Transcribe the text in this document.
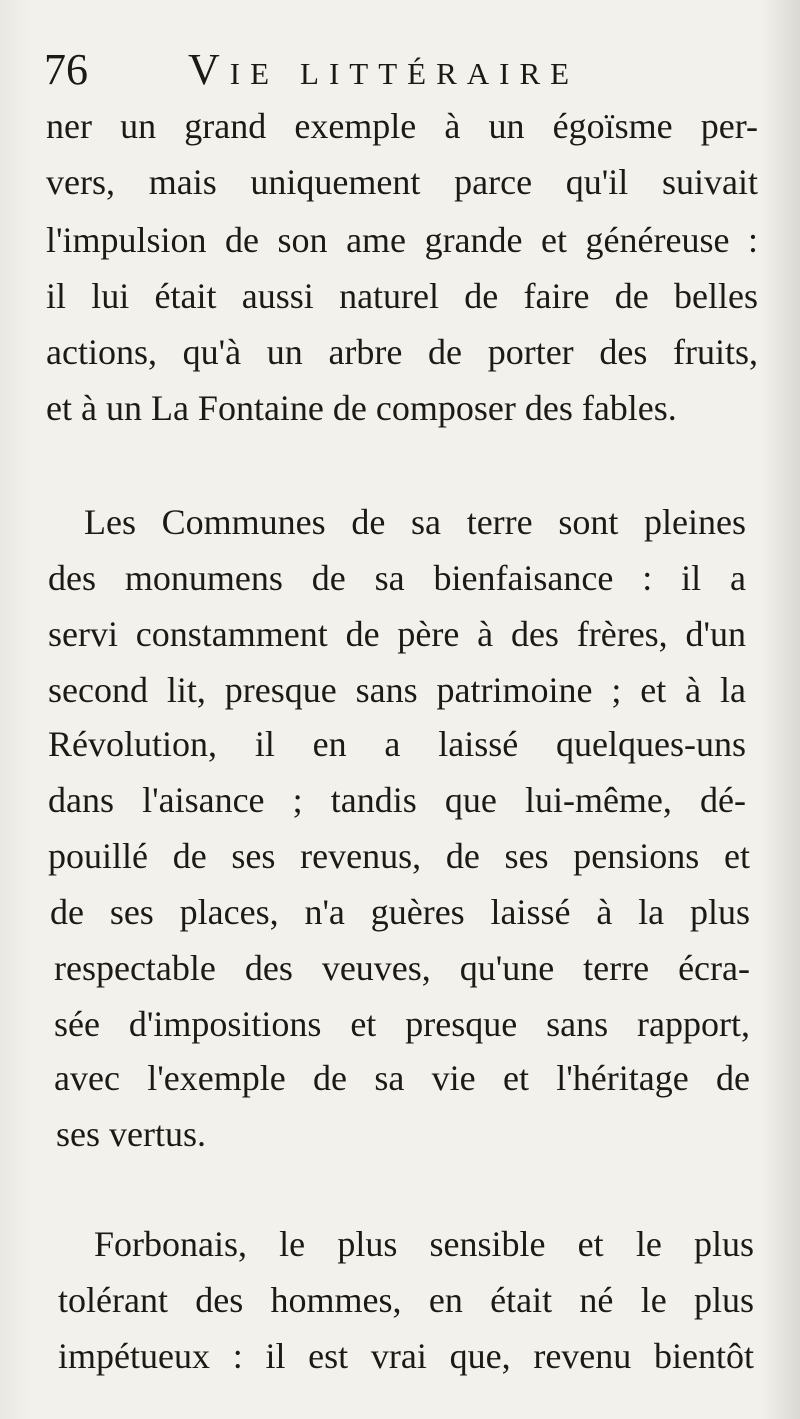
76 Vie littéraire
ner un grand exemple à un égoïsme per-
vers, mais uniquement parce qu'il suivait
l'impulsion de son ame grande et généreuse :
il lui était aussi naturel de faire de belles
actions, qu'à un arbre de porter des fruits,
et à un La Fontaine de composer des fables.
Les Communes de sa terre sont pleines
des monumens de sa bienfaisance : il a
servi constamment de père à des frères, d'un
second lit, presque sans patrimoine ; et à la
Révolution, il en a laissé quelques-uns
dans l'aisance ; tandis que lui-même, dé-
pouillé de ses revenus, de ses pensions et
de ses places, n'a guères laissé à la plus
respectable des veuves, qu'une terre écra-
sée d'impositions et presque sans rapport,
avec l'exemple de sa vie et l'héritage de
ses vertus.
Forbonais, le plus sensible et le plus
tolérant des hommes, en était né le plus
impétueux : il est vrai que, revenu bientôt
